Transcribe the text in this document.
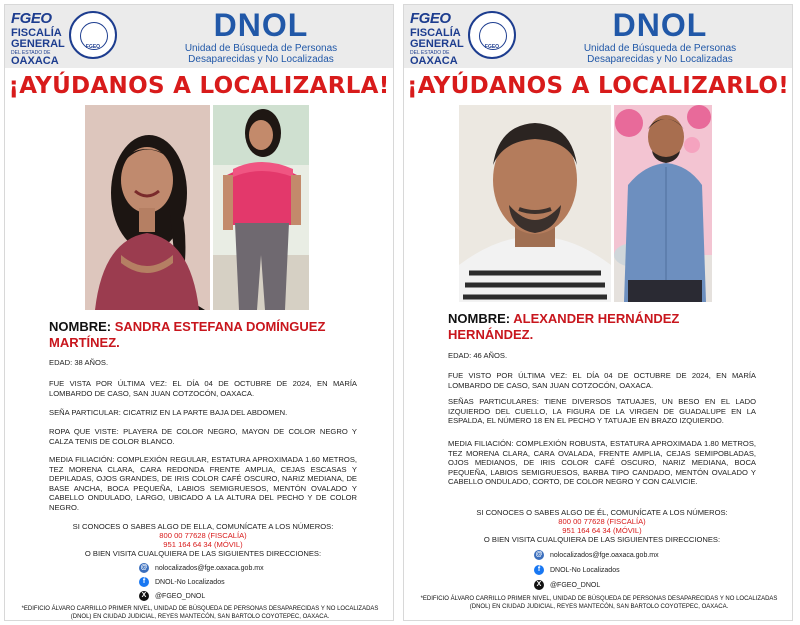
FGEO
FISCALÍA
GENERAL
DEL ESTADO DE
OAXACA
FGEO
DNOL
Unidad de Búsqueda de Personas
Desaparecidas y No Localizadas
¡AYÚDANOS A LOCALIZARLA!
NOMBRE: SANDRA ESTEFANA DOMÍNGUEZ MARTÍNEZ.
EDAD: 38 AÑOS.
FUE VISTA POR ÚLTIMA VEZ: EL DÍA 04 DE OCTUBRE DE 2024, EN MARÍA LOMBARDO DE CASO, SAN JUAN COTZOCÓN, OAXACA.
SEÑA PARTICULAR: CICATRIZ EN LA PARTE BAJA DEL ABDOMEN.
ROPA QUE VISTE: PLAYERA DE COLOR NEGRO, MAYON DE COLOR NEGRO Y CALZA TENIS DE COLOR BLANCO.
MEDIA FILIACIÓN: COMPLEXIÓN REGULAR, ESTATURA APROXIMADA 1.60 METROS, TEZ MORENA CLARA, CARA REDONDA FRENTE AMPLIA, CEJAS ESCASAS Y DEPILADAS, OJOS GRANDES, DE IRIS COLOR CAFÉ OSCURO, NARIZ MEDIANA, DE BASE ANCHA, BOCA PEQUEÑA, LABIOS SEMIGRUESOS, MENTÓN OVALADO Y CABELLO ONDULADO, LARGO, UBICADO A LA ALTURA DEL PECHO Y DE COLOR NEGRO.
SI CONOCES O SABES ALGO DE ELLA, COMUNÍCATE A LOS NÚMEROS:
800 00 77628 (FISCALÍA)
951 164 64 34 (MÓVIL)
O BIEN VISITA CUALQUIERA DE LAS SIGUIENTES DIRECCIONES:
@ nolocalizados@fge.oaxaca.gob.mx
f DNOL-No Localizados
X @FGEO_DNOL
*EDIFICIO ÁLVARO CARRILLO PRIMER NIVEL, UNIDAD DE BÚSQUEDA DE PERSONAS DESAPARECIDAS Y NO LOCALIZADAS (DNOL) EN CIUDAD JUDICIAL, REYES MANTECÓN, SAN BARTOLO COYOTEPEC, OAXACA.
FGEO
FISCALÍA
GENERAL
DEL ESTADO DE
OAXACA
FGEO
DNOL
Unidad de Búsqueda de Personas
Desaparecidas y No Localizadas
¡AYÚDANOS A LOCALIZARLO!
NOMBRE: ALEXANDER HERNÁNDEZ HERNÁNDEZ.
EDAD: 46 AÑOS.
FUE VISTO POR ÚLTIMA VEZ: EL DÍA 04 DE OCTUBRE DE 2024, EN MARÍA LOMBARDO DE CASO, SAN JUAN COTZOCÓN, OAXACA.
SEÑAS PARTICULARES: TIENE DIVERSOS TATUAJES, UN BESO EN EL LADO IZQUIERDO DEL CUELLO, LA FIGURA DE LA VIRGEN DE GUADALUPE EN LA ESPALDA, EL NÚMERO 18 EN EL PECHO Y TATUAJE EN BRAZO IZQUIERDO.
MEDIA FILIACIÓN: COMPLEXIÓN ROBUSTA, ESTATURA APROXIMADA 1.80 METROS, TEZ MORENA CLARA, CARA OVALADA, FRENTE AMPLIA, CEJAS SEMIPOBLADAS, OJOS MEDIANOS, DE IRIS COLOR CAFÉ OSCURO, NARIZ MEDIANA, BOCA PEQUEÑA, LABIOS SEMIGRUESOS, BARBA TIPO CANDADO, MENTÓN OVALADO Y CABELLO ONDULADO, CORTO, DE COLOR NEGRO Y CON CALVICIE.
SI CONOCES O SABES ALGO DE ÉL, COMUNÍCATE A LOS NÚMEROS:
800 00 77628 (FISCALÍA)
951 164 64 34 (MÓVIL)
O BIEN VISITA CUALQUIERA DE LAS SIGUIENTES DIRECCIONES:
@ nolocalizados@fge.oaxaca.gob.mx
f DNOL-No Localizados
X @FGEO_DNOL
*EDIFICIO ÁLVARO CARRILLO PRIMER NIVEL, UNIDAD DE BÚSQUEDA DE PERSONAS DESAPARECIDAS Y NO LOCALIZADAS (DNOL) EN CIUDAD JUDICIAL, REYES MANTECÓN, SAN BARTOLO COYOTEPEC, OAXACA.
